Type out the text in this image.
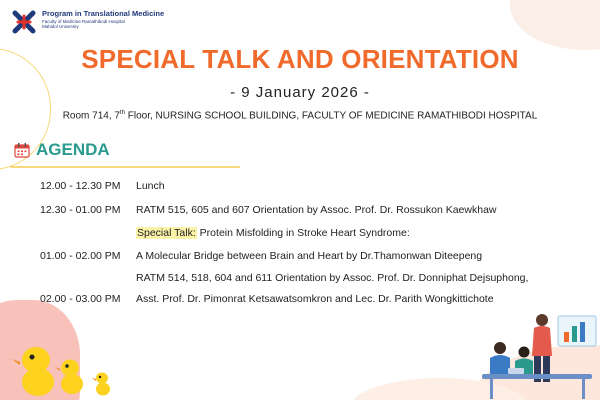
Program in Translational Medicine
Faculty of Medicine Ramathibodi Hospital
Mahidol University
SPECIAL TALK AND ORIENTATION
- 9 January 2026 -
Room 714, 7th Floor, NURSING SCHOOL BUILDING, FACULTY OF MEDICINE RAMATHIBODI HOSPITAL
AGENDA
12.00 - 12.30 PM Lunch
12.30 - 01.00 PM RATM 515, 605 and 607 Orientation by Assoc. Prof. Dr. Rossukon Kaewkhaw
Special Talk: Protein Misfolding in Stroke Heart Syndrome:
01.00 - 02.00 PM A Molecular Bridge between Brain and Heart by Dr.Thamonwan Diteepeng
RATM 514, 518, 604 and 611 Orientation by Assoc. Prof. Dr. Donniphat Dejsuphong,
02.00 - 03.00 PM Asst. Prof. Dr. Pimonrat Ketsawatsomkron and Lec. Dr. Parith Wongkittichote
